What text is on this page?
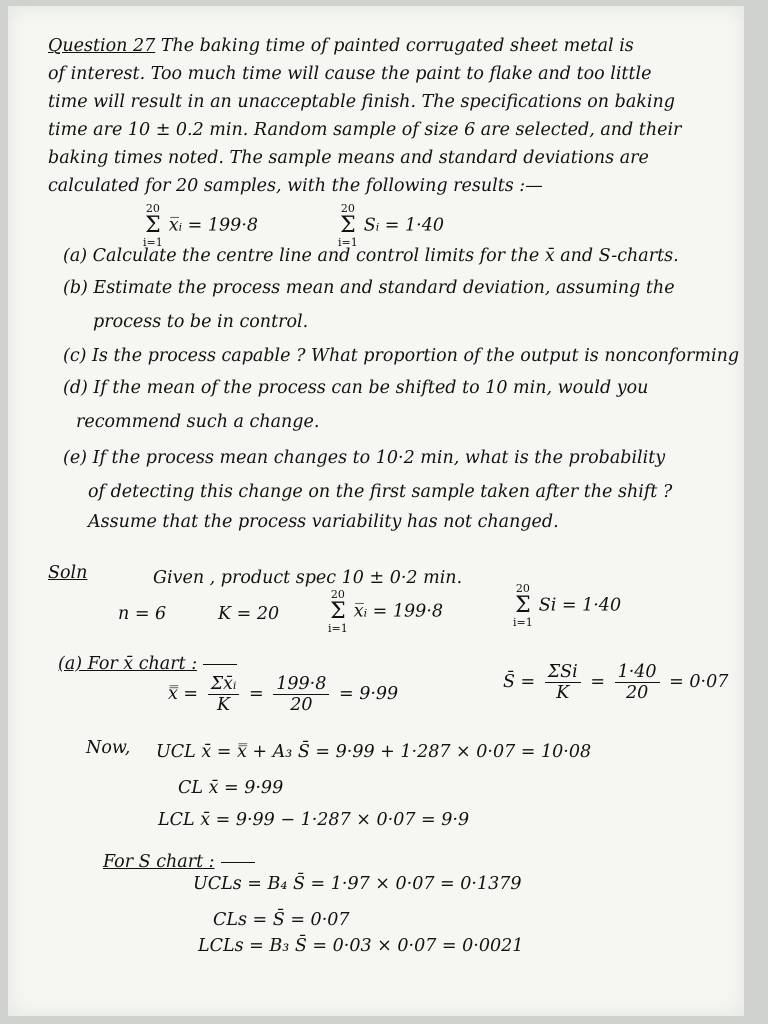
Question 27 The baking time of painted corrugated sheet metal is
of interest. Too much time will cause the paint to flake and too little
time will result in an unacceptable finish. The specifications on baking
time are 10 ± 0.2 min. Random sample of size 6 are selected, and their
baking times noted. The sample means and standard deviations are
calculated for 20 samples, with the following results :—
20
Σ
i=1
x̅ᵢ = 199·8
20
Σ
i=1
Sᵢ = 1·40
(a) Calculate the centre line and control limits for the x̄ and S-charts.
(b) Estimate the process mean and standard deviation, assuming the
process to be in control.
(c) Is the process capable ? What proportion of the output is nonconforming
(d) If the mean of the process can be shifted to 10 min, would you
recommend such a change.
(e) If the process mean changes to 10·2 min, what is the probability
of detecting this change on the first sample taken after the shift ?
Assume that the process variability has not changed.
Soln	Given , product spec 10 ± 0·2 min.
n = 6	K = 20
20
Σ
i=1
x̅ᵢ = 199·8
20
Σ
i=1
Si = 1·40
(a) For x̄ chart :
x̿ = $\frac{\text{Σx̄ᵢ}}{K} = \frac{199\cdot 8}{20} = 9\cdot 99$
S̄ = $\frac{\text{ΣSi}}{K} = \frac{1\cdot 40}{20} = 0\cdot 07$
Now, UCL x̄ = x̿ + A₃ S̄ = 9·99 + 1·287 × 0·07 = 10·08
CL x̄ = 9·99
LCL x̄ = 9·99 − 1·287 × 0·07 = 9·9
For S chart :
UCLs = B₄ S̄ = 1·97 × 0·07 = 0·1379
CLs = S̄ = 0·07
LCLs = B₃ S̄ = 0·03 × 0·07 = 0·0021
